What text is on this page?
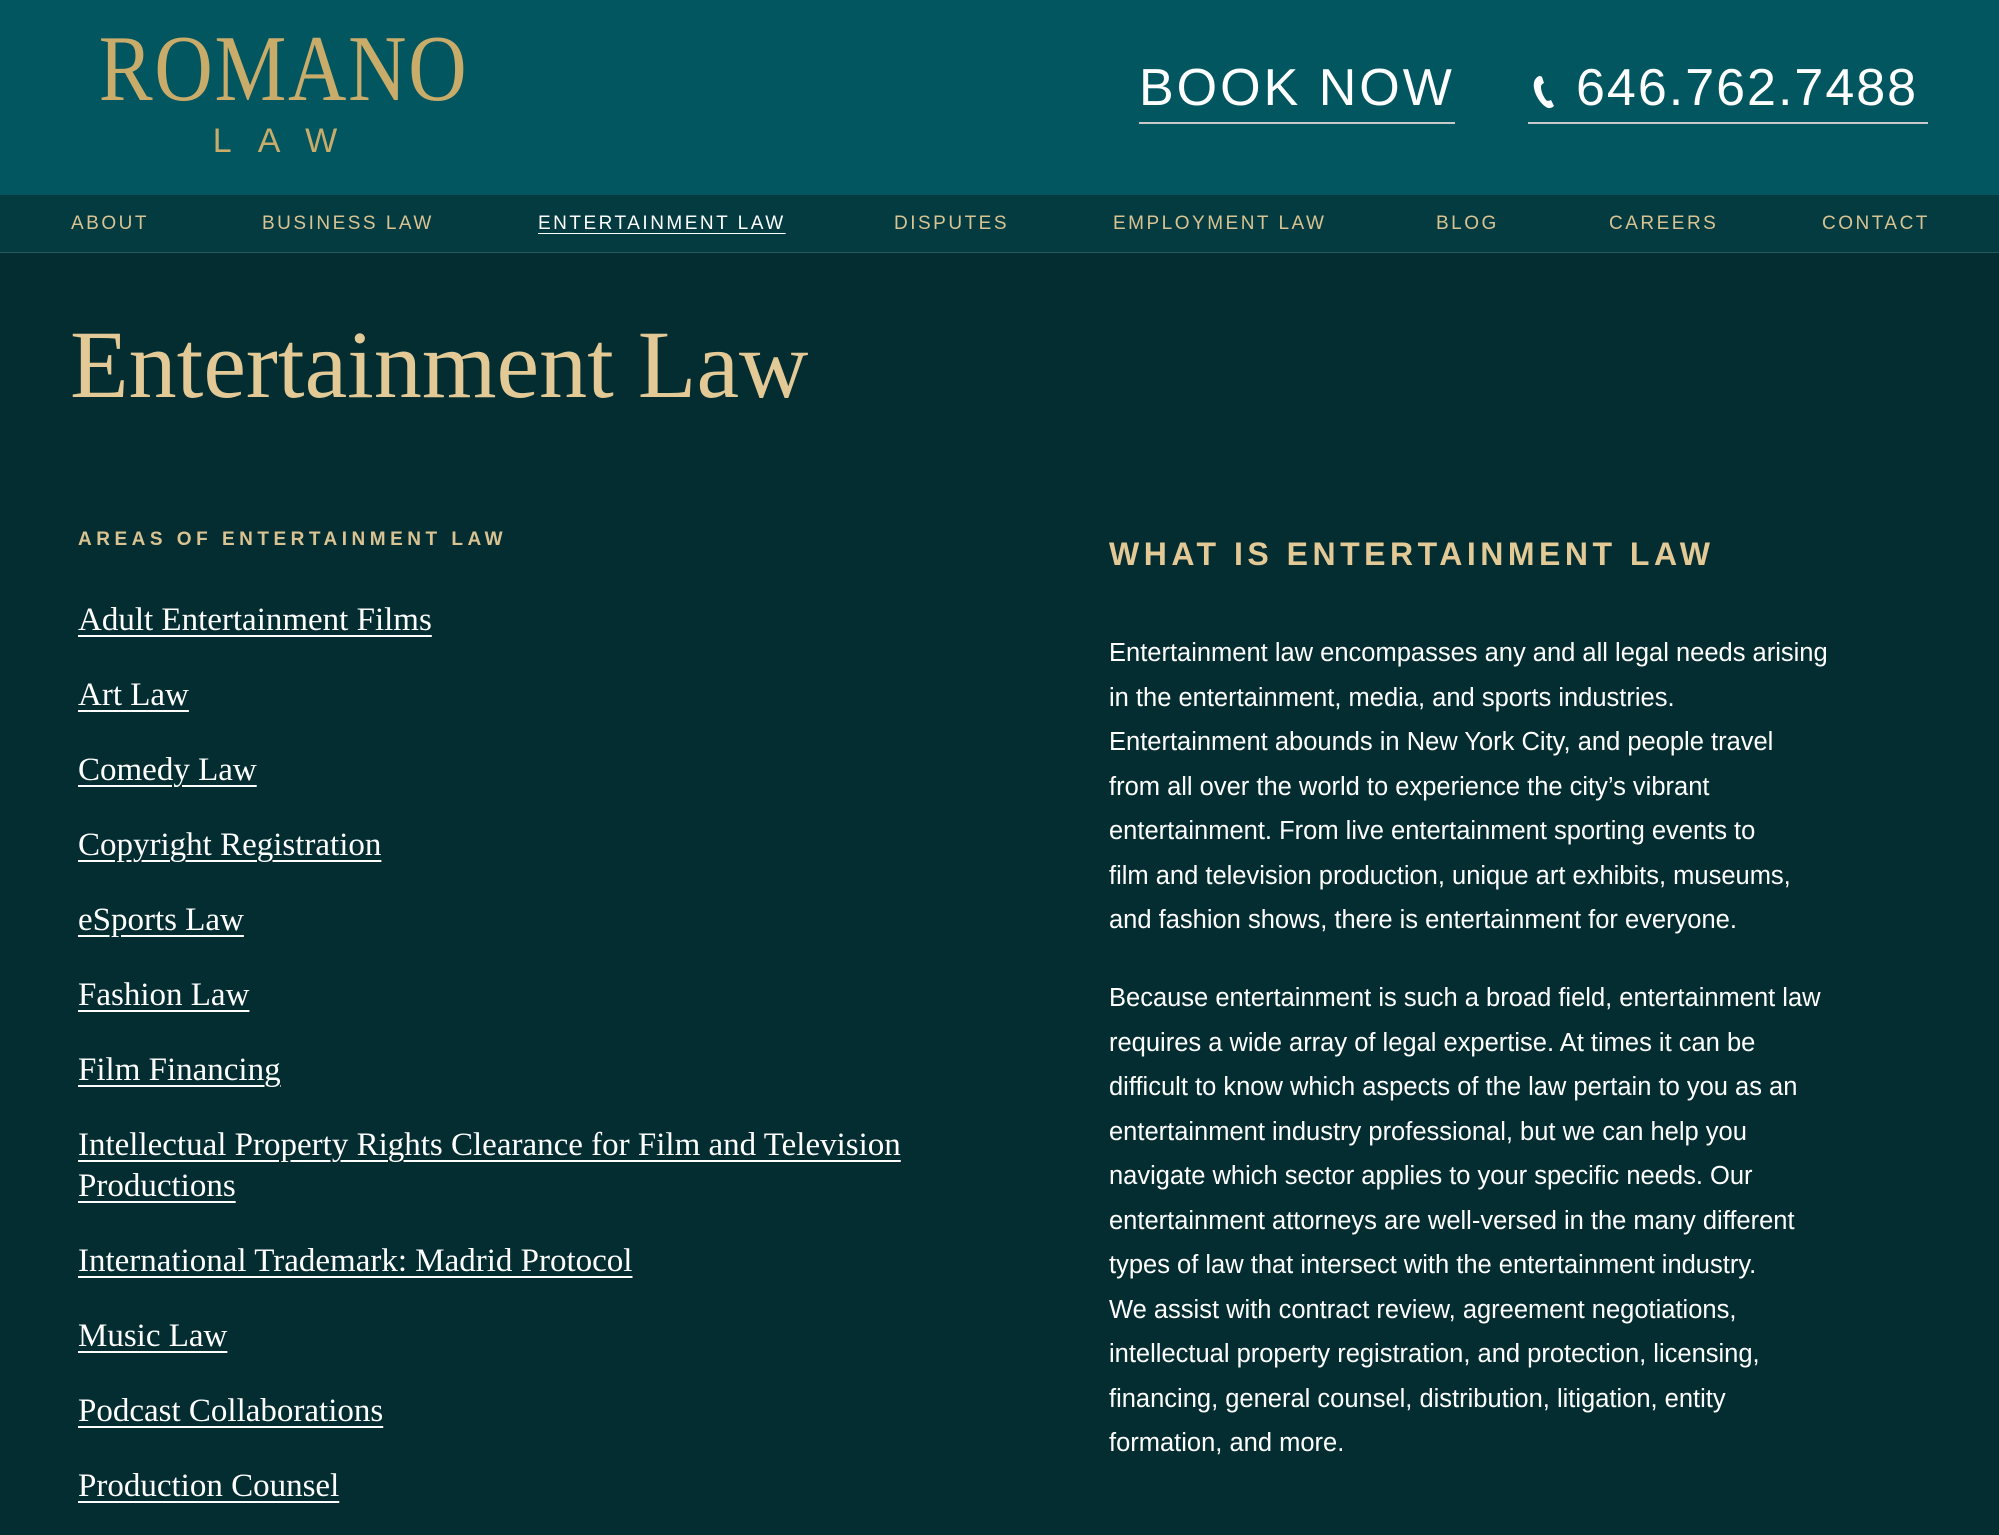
ROMANO
LAW
BOOK NOW 646.762.7488
ABOUT	BUSINESS LAW	ENTERTAINMENT LAW	DISPUTES	EMPLOYMENT LAW	BLOG	CAREERS	CONTACT
Entertainment Law
AREAS OF ENTERTAINMENT LAW
Adult Entertainment Films
Art Law
Comedy Law
Copyright Registration
eSports Law
Fashion Law
Film Financing
Intellectual Property Rights Clearance for Film and Television
Productions
International Trademark: Madrid Protocol
Music Law
Podcast Collaborations
Production Counsel
WHAT IS ENTERTAINMENT LAW

Entertainment law encompasses any and all legal needs arising
in the entertainment, media, and sports industries.
Entertainment abounds in New York City, and people travel
from all over the world to experience the city’s vibrant
entertainment. From live entertainment sporting events to
film and television production, unique art exhibits, museums,
and fashion shows, there is entertainment for everyone.

Because entertainment is such a broad field, entertainment law
requires a wide array of legal expertise. At times it can be
difficult to know which aspects of the law pertain to you as an
entertainment industry professional, but we can help you
navigate which sector applies to your specific needs. Our
entertainment attorneys are well-versed in the many different
types of law that intersect with the entertainment industry.
We assist with contract review, agreement negotiations,
intellectual property registration, and protection, licensing,
financing, general counsel, distribution, litigation, entity
formation, and more.
